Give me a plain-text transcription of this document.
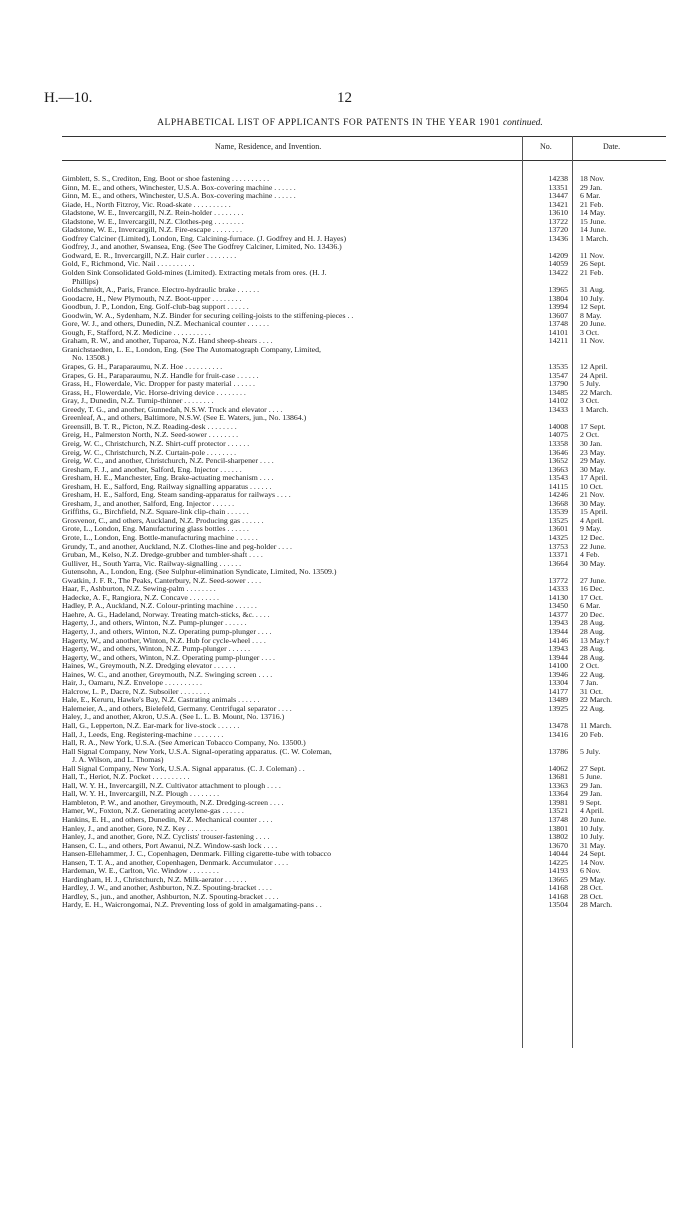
H.—10.	12
ALPHABETICAL LIST OF APPLICANTS FOR PATENTS IN THE YEAR 1901 continued.
Name, Residence, and Invention.	No.	Date.
Gimblett, S. S., Crediton, Eng. Boot or shoe fastening . . . . . . . . . .	14238	18 Nov.
Ginn, M. E., and others, Winchester, U.S.A. Box-covering machine . . . . . .	13351	29 Jan.
Ginn, M. E., and others, Winchester, U.S.A. Box-covering machine . . . . . .	13447	6 Mar.
Giade, H., North Fitzroy, Vic. Road-skate . . . . . . . . . .	13421	21 Feb.
Gladstone, W. E., Invercargill, N.Z. Rein-holder . . . . . . . .	13610	14 May.
Gladstone, W. E., Invercargill, N.Z. Clothes-peg . . . . . . . .	13722	15 June.
Gladstone, W. E., Invercargill, N.Z. Fire-escape . . . . . . . .	13720	14 June.
Godfrey Calciner (Limited), London, Eng. Calcining-furnace. (J. Godfrey and H. J. Hayes)	13436	1 March.
Godfrey, J., and another, Swansea, Eng. (See The Godfrey Calciner, Limited, No. 13436.)
Godward, E. R., Invercargill, N.Z. Hair curler . . . . . . . .	14209	11 Nov.
Gold, F., Richmond, Vic. Nail . . . . . . . . . .	14059	26 Sept.
Golden Sink Consolidated Gold-mines (Limited). Extracting metals from ores. (H. J.	13422	21 Feb.
Phillips)
Goldschmidt, A., Paris, France. Electro-hydraulic brake . . . . . .	13965	31 Aug.
Goodacre, H., New Plymouth, N.Z. Boot-upper . . . . . . . .	13804	10 July.
Goodbun, J. P., London, Eng. Golf-club-bag support . . . . . .	13994	12 Sept.
Goodwin, W. A., Sydenham, N.Z. Binder for securing ceiling-joists to the stiffening-pieces . .	13607	8 May.
Gore, W. J., and others, Dunedin, N.Z. Mechanical counter . . . . . .	13748	20 June.
Gough, F., Stafford, N.Z. Medicine . . . . . . . . . .	14101	3 Oct.
Graham, R. W., and another, Tuparoa, N.Z. Hand sheep-shears . . . .	14211	11 Nov.
Granichstaedten, L. E., London, Eng. (See The Automatograph Company, Limited,
No. 13508.)
Grapes, G. H., Paraparaumu, N.Z. Hoe . . . . . . . . . .	13535	12 April.
Grapes, G. H., Paraparaumu, N.Z. Handle for fruit-case . . . . . .	13547	24 April.
Grass, H., Flowerdale, Vic. Dropper for pasty material . . . . . .	13790	5 July.
Grass, H., Flowerdale, Vic. Horse-driving device . . . . . . . .	13485	22 March.
Gray, J., Dunedin, N.Z. Turnip-thinner . . . . . . . .	14102	3 Oct.
Greedy, T. G., and another, Gunnedah, N.S.W. Truck and elevator . . . .	13433	1 March.
Greenleaf, A., and others, Baltimore, N.S.W. (See E. Waters, jun., No. 13864.)
Greensill, B. T. R., Picton, N.Z. Reading-desk . . . . . . . .	14008	17 Sept.
Greig, H., Palmerston North, N.Z. Seed-sower . . . . . . . .	14075	2 Oct.
Greig, W. C., Christchurch, N.Z. Shirt-cuff protector . . . . . .	13358	30 Jan.
Greig, W. C., Christchurch, N.Z. Curtain-pole . . . . . . . .	13646	23 May.
Greig, W. C., and another, Christchurch, N.Z. Pencil-sharpener . . . .	13652	29 May.
Gresham, F. J., and another, Salford, Eng. Injector . . . . . .	13663	30 May.
Gresham, H. E., Manchester, Eng. Brake-actuating mechanism . . . .	13543	17 April.
Gresham, H. E., Salford, Eng. Railway signalling apparatus . . . . . .	14115	10 Oct.
Gresham, H. E., Salford, Eng. Steam sanding-apparatus for railways . . . .	14246	21 Nov.
Gresham, J., and another, Salford, Eng. Injector . . . . . .	13668	30 May.
Griffiths, G., Birchfield, N.Z. Square-link clip-chain . . . . . .	13539	15 April.
Grosvenor, C., and others, Auckland, N.Z. Producing gas . . . . . .	13525	4 April.
Grote, L., London, Eng. Manufacturing glass bottles . . . . . .	13601	9 May.
Grote, L., London, Eng. Bottle-manufacturing machine . . . . . .	14325	12 Dec.
Grundy, T., and another, Auckland, N.Z. Clothes-line and peg-holder . . . .	13753	22 June.
Gruban, M., Kelso, N.Z. Dredge-grubber and tumbler-shaft . . . .	13371	4 Feb.
Gulliver, H., South Yarra, Vic. Railway-signalling . . . . . .	13664	30 May.
Gutensohn, A., London, Eng. (See Sulphur-elimination Syndicate, Limited, No. 13509.)
Gwatkin, J. F. R., The Peaks, Canterbury, N.Z. Seed-sower . . . .	13772	27 June.
Haar, F., Ashburton, N.Z. Sewing-palm . . . . . . . .	14333	16 Dec.
Hadecke, A. F., Rangiora, N.Z. Concave . . . . . . . .	14130	17 Oct.
Hadley, P. A., Auckland, N.Z. Colour-printing machine . . . . . .	13450	6 Mar.
Haehre, A. G., Hadeland, Norway. Treating match-sticks, &c. . . . .	14377	20 Dec.
Hagerty, J., and others, Winton, N.Z. Pump-plunger . . . . . .	13943	28 Aug.
Hagerty, J., and others, Winton, N.Z. Operating pump-plunger . . . .	13944	28 Aug.
Hagerty, W., and another, Winton, N.Z. Hub for cycle-wheel . . . .	14146	13 May.†
Hagerty, W., and others, Winton, N.Z. Pump-plunger . . . . . .	13943	28 Aug.
Hagerty, W., and others, Winton, N.Z. Operating pump-plunger . . . .	13944	28 Aug.
Haines, W., Greymouth, N.Z. Dredging elevator . . . . . .	14100	2 Oct.
Haines, W. C., and another, Greymouth, N.Z. Swinging screen . . . .	13946	22 Aug.
Hair, J., Oamaru, N.Z. Envelope . . . . . . . . . .	13304	7 Jan.
Halcrow, L. P., Dacre, N.Z. Subsoiler . . . . . . . .	14177	31 Oct.
Hale, E., Keruru, Hawke's Bay, N.Z. Castrating animals . . . . . .	13489	22 March.
Halemeier, A., and others, Bielefeld, Germany. Centrifugal separator . . . .	13925	22 Aug.
Haley, J., and another, Akron, U.S.A. (See L. L. B. Mount, No. 13716.)
Hall, G., Lepperton, N.Z. Ear-mark for live-stock . . . . . .	13478	11 March.
Hall, J., Leeds, Eng. Registering-machine . . . . . . . .	13416	20 Feb.
Hall, R. A., New York, U.S.A. (See American Tobacco Company, No. 13500.)
Hall Signal Company, New York, U.S.A. Signal-operating apparatus. (C. W. Coleman,	13786	5 July.
J. A. Wilson, and L. Thomas)
Hall Signal Company, New York, U.S.A. Signal apparatus. (C. J. Coleman) . .	14062	27 Sept.
Hall, T., Heriot, N.Z. Pocket . . . . . . . . . .	13681	5 June.
Hall, W. Y. H., Invercargill, N.Z. Cultivator attachment to plough . . . .	13363	29 Jan.
Hall, W. Y. H., Invercargill, N.Z. Plough . . . . . . . .	13364	29 Jan.
Hambleton, P. W., and another, Greymouth, N.Z. Dredging-screen . . . .	13981	9 Sept.
Hamer, W., Foxton, N.Z. Generating acetylene-gas . . . . . .	13521	4 April.
Hankins, E. H., and others, Dunedin, N.Z. Mechanical counter . . . .	13748	20 June.
Hanley, J., and another, Gore, N.Z. Key . . . . . . . .	13801	10 July.
Hanley, J., and another, Gore, N.Z. Cyclists' trouser-fastening . . . .	13802	10 July.
Hansen, C. L., and others, Port Awanui, N.Z. Window-sash lock . . . .	13670	31 May.
Hansen-Ellehammer, J. C., Copenhagen, Denmark. Filling cigarette-tube with tobacco	14044	24 Sept.
Hansen, T. T. A., and another, Copenhagen, Denmark. Accumulator . . . .	14225	14 Nov.
Hardeman, W. E., Carlton, Vic. Window . . . . . . . .	14193	6 Nov.
Hardingham, H. J., Christchurch, N.Z. Milk-aerator . . . . . .	13665	29 May.
Hardley, J. W., and another, Ashburton, N.Z. Spouting-bracket . . . .	14168	28 Oct.
Hardley, S., jun., and another, Ashburton, N.Z. Spouting-bracket . . . .	14168	28 Oct.
Hardy, E. H., Waicrongomai, N.Z. Preventing loss of gold in amalgamating-pans . .	13504	28 March.
